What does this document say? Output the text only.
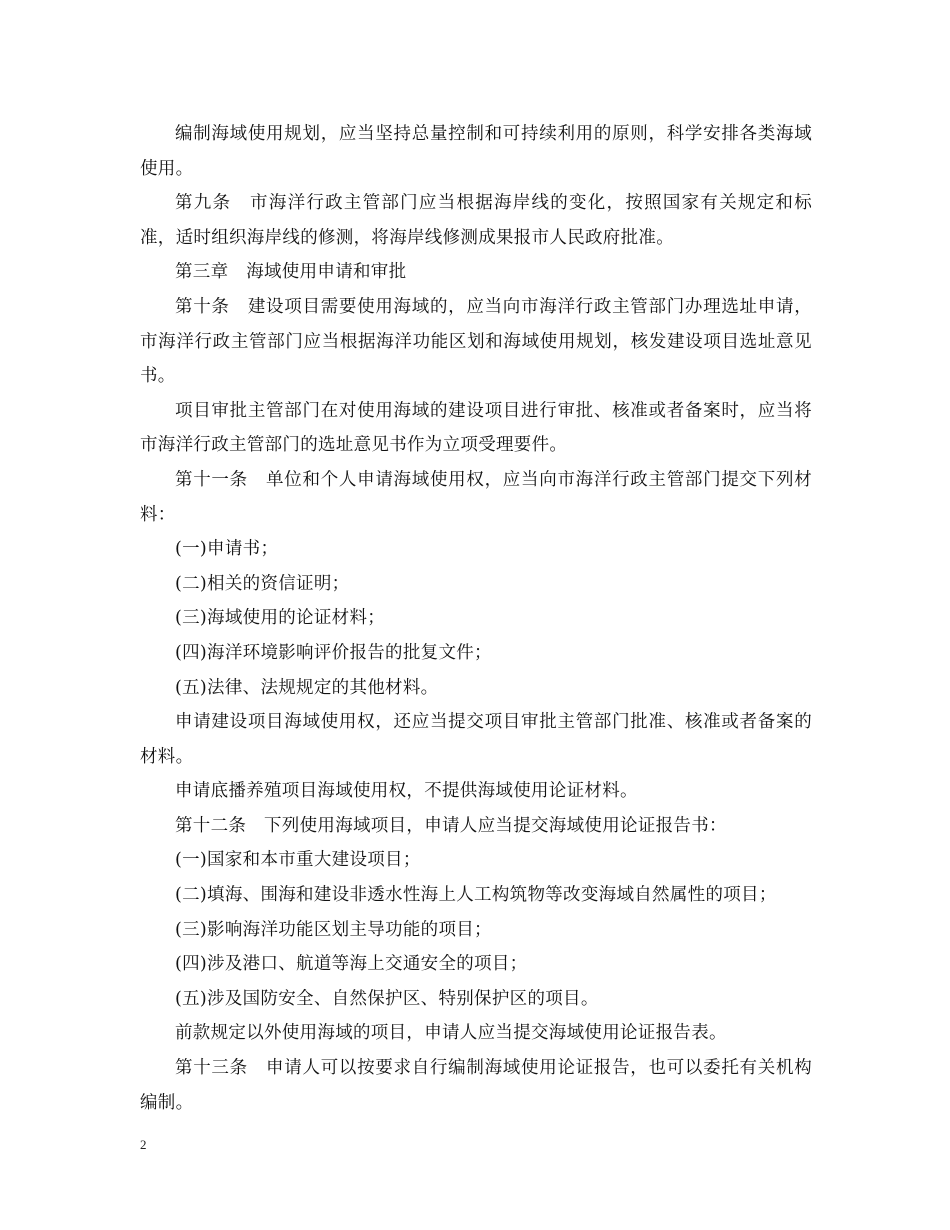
编制海域使用规划，应当坚持总量控制和可持续利用的原则，科学安排各类海域使用。

第九条　市海洋行政主管部门应当根据海岸线的变化，按照国家有关规定和标准，适时组织海岸线的修测，将海岸线修测成果报市人民政府批准。

第三章　海域使用申请和审批

第十条　建设项目需要使用海域的，应当向市海洋行政主管部门办理选址申请，市海洋行政主管部门应当根据海洋功能区划和海域使用规划，核发建设项目选址意见书。

项目审批主管部门在对使用海域的建设项目进行审批、核准或者备案时，应当将市海洋行政主管部门的选址意见书作为立项受理要件。

第十一条　单位和个人申请海域使用权，应当向市海洋行政主管部门提交下列材料：

(一)申请书；

(二)相关的资信证明；

(三)海域使用的论证材料；

(四)海洋环境影响评价报告的批复文件；

(五)法律、法规规定的其他材料。

申请建设项目海域使用权，还应当提交项目审批主管部门批准、核准或者备案的材料。

申请底播养殖项目海域使用权，不提供海域使用论证材料。

第十二条　下列使用海域项目，申请人应当提交海域使用论证报告书：

(一)国家和本市重大建设项目；

(二)填海、围海和建设非透水性海上人工构筑物等改变海域自然属性的项目；

(三)影响海洋功能区划主导功能的项目；

(四)涉及港口、航道等海上交通安全的项目；

(五)涉及国防安全、自然保护区、特别保护区的项目。

前款规定以外使用海域的项目，申请人应当提交海域使用论证报告表。

第十三条　申请人可以按要求自行编制海域使用论证报告，也可以委托有关机构编制。

2
